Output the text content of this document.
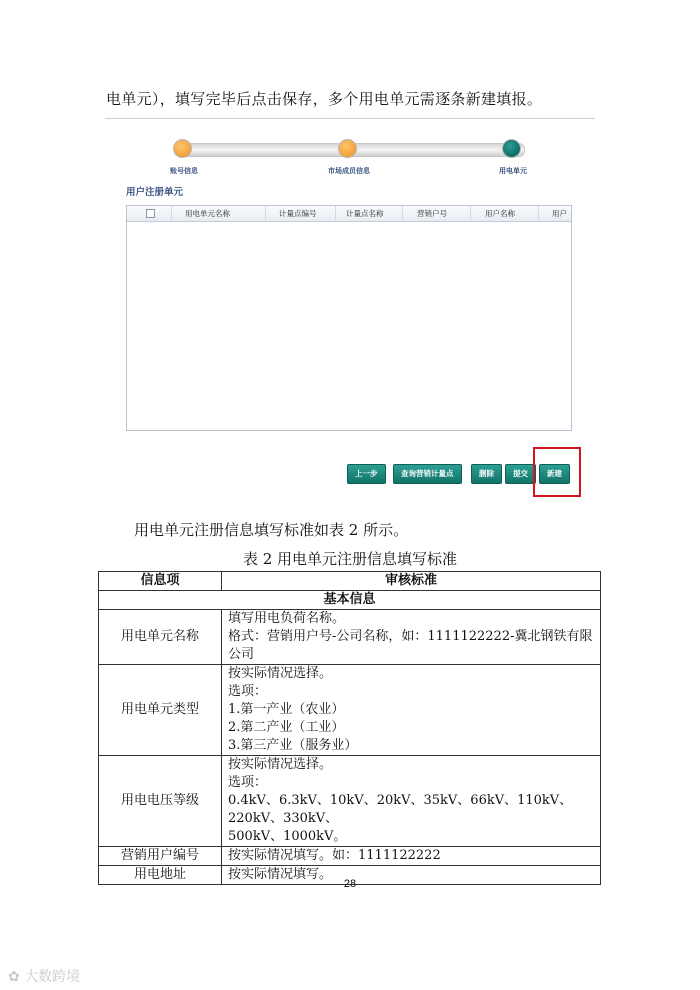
电单元），填写完毕后点击保存，多个用电单元需逐条新建填报。
账号信息	市场成员信息	用电单元
用户注册单元
用电单元名称	计量点编号	计量点名称	营销户号	用户名称	用户
上一步	查询营销计量点	删除	提交	新建
用电单元注册信息填写标准如表 2 所示。
表 2 用电单元注册信息填写标准
信息项	审核标准
基本信息	
用电单元名称	填写用电负荷名称。
格式：营销用户号-公司名称，如：1111122222-冀北钢铁有限公司

用电单元类型	按实际情况选择。
选项：
1.第一产业（农业）
2.第二产业（工业）
3.第三产业（服务业）

用电电压等级	按实际情况选择。
选项：
0.4kV、6.3kV、10kV、20kV、35kV、66kV、110kV、220kV、330kV、
500kV、1000kV。

营销用户编号	按实际情况填写。如：1111122222

用电地址	按实际情况填写。
28
✿ 大数跨境
